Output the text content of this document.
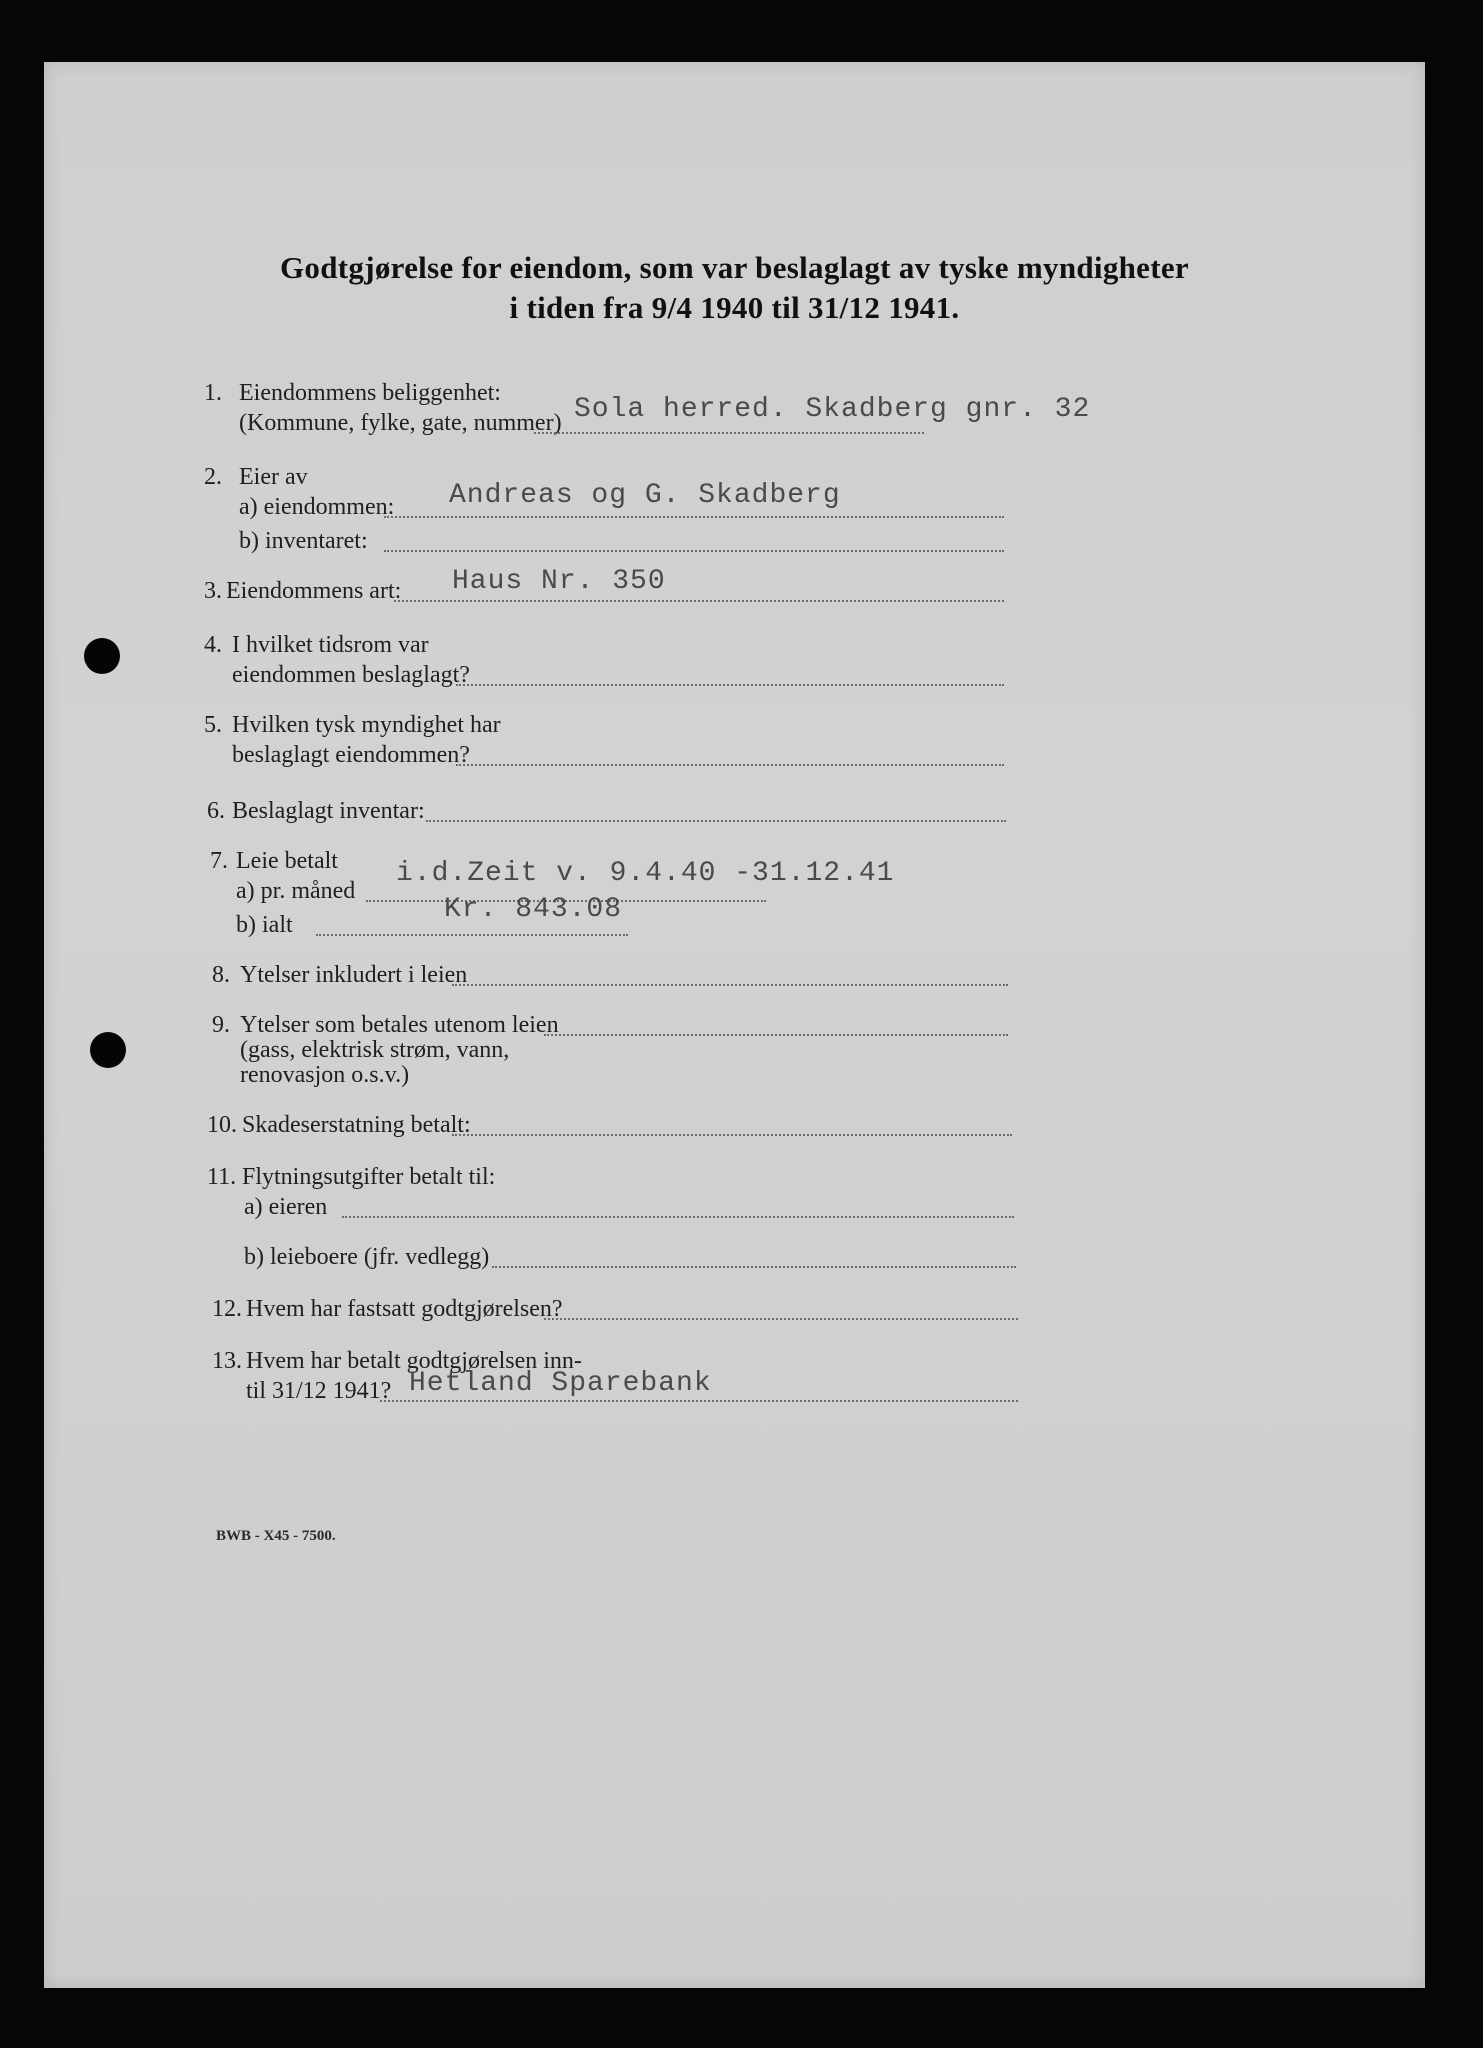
Godtgjørelse for eiendom, som var beslaglagt av tyske myndigheter
i tiden fra 9/4 1940 til 31/12 1941.
1. Eiendommens beliggenhet:
(Kommune, fylke, gate, nummer) Sola herred. Skadberg gnr. 32
2. Eier av
a) eiendommen: Andreas og G. Skadberg
b) inventaret:
3. Eiendommens art: Haus Nr. 350
4. I hvilket tidsrom var
eiendommen beslaglagt?
5. Hvilken tysk myndighet har
beslaglagt eiendommen?
6. Beslaglagt inventar:
7. Leie betalt
a) pr. måned
i.d.Zeit v. 9.4.40 -31.12.41
b) ialt	Kr. 843.08
8. Ytelser inkludert i leien
9. Ytelser som betales utenom leien
(gass, elektrisk strøm, vann,
renovasjon o.s.v.)
10. Skadeserstatning betalt:
11. Flytningsutgifter betalt til:
a) eieren
b) leieboere (jfr. vedlegg)
12. Hvem har fastsatt godtgjørelsen?
13. Hvem har betalt godtgjørelsen inn-
til 31/12 1941? Hetland Sparebank
BWB - X45 - 7500.
